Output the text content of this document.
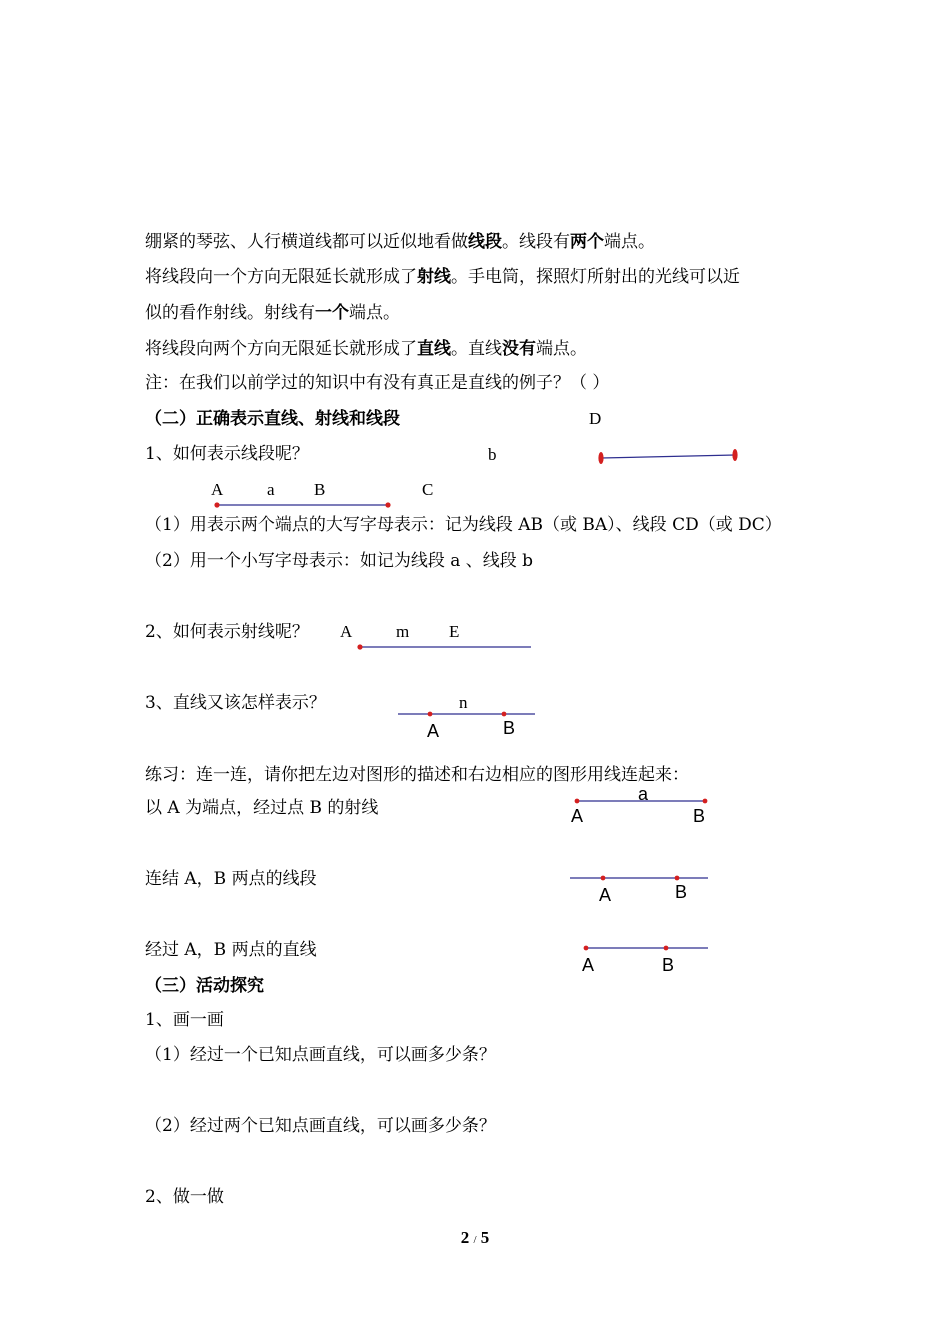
绷紧的琴弦、人行横道线都可以近似地看做线段。线段有两个端点。
将线段向一个方向无限延长就形成了射线。手电筒，探照灯所射出的光线可以近
似的看作射线。射线有一个端点。
将线段向两个方向无限延长就形成了直线。直线没有端点。
注：在我们以前学过的知识中有没有真正是直线的例子？（ ）
（二）正确表示直线、射线和线段
1、如何表示线段呢？
D
b
A	a B	C
（1）用表示两个端点的大写字母表示：记为线段 AB（或 BA）、线段 CD（或 DC）
（2）用一个小写字母表示：如记为线段 a 、线段 b
2、如何表示射线呢？ A	m E
3、直线又该怎样表示？	n
A	B
练习：连一连，请你把左边对图形的描述和右边相应的图形用线连起来：
以 A 为端点，经过点 B 的射线
a
A	B
连结 A，B 两点的线段
A	B
经过 A，B 两点的直线
A	B
（三）活动探究
1、画一画
（1）经过一个已知点画直线，可以画多少条？
（2）经过两个已知点画直线，可以画多少条？
2、做一做
2 / 5
